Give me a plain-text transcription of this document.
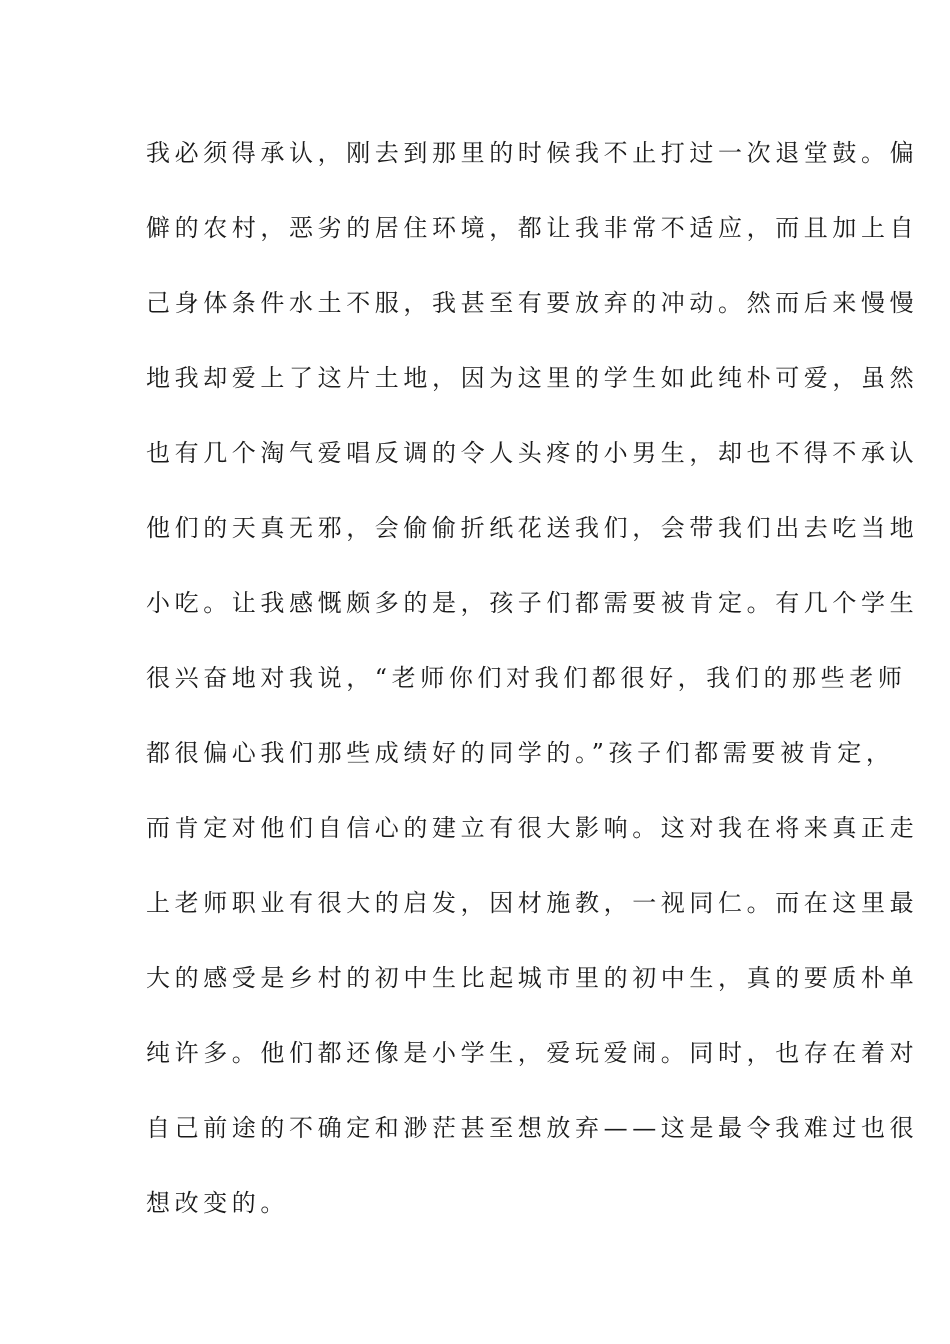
我必须得承认，刚去到那里的时候我不止打过一次退堂鼓。偏
僻的农村，恶劣的居住环境，都让我非常不适应，而且加上自
己身体条件水土不服，我甚至有要放弃的冲动。然而后来慢慢
地我却爱上了这片土地，因为这里的学生如此纯朴可爱，虽然
也有几个淘气爱唱反调的令人头疼的小男生，却也不得不承认
他们的天真无邪，会偷偷折纸花送我们，会带我们出去吃当地
小吃。让我感慨颇多的是，孩子们都需要被肯定。有几个学生
很兴奋地对我说，“老师你们对我们都很好，我们的那些老师
都很偏心我们那些成绩好的同学的。”孩子们都需要被肯定，
而肯定对他们自信心的建立有很大影响。这对我在将来真正走
上老师职业有很大的启发，因材施教，一视同仁。而在这里最
大的感受是乡村的初中生比起城市里的初中生，真的要质朴单
纯许多。他们都还像是小学生，爱玩爱闹。同时，也存在着对
自己前途的不确定和渺茫甚至想放弃——这是最令我难过也很
想改变的。
